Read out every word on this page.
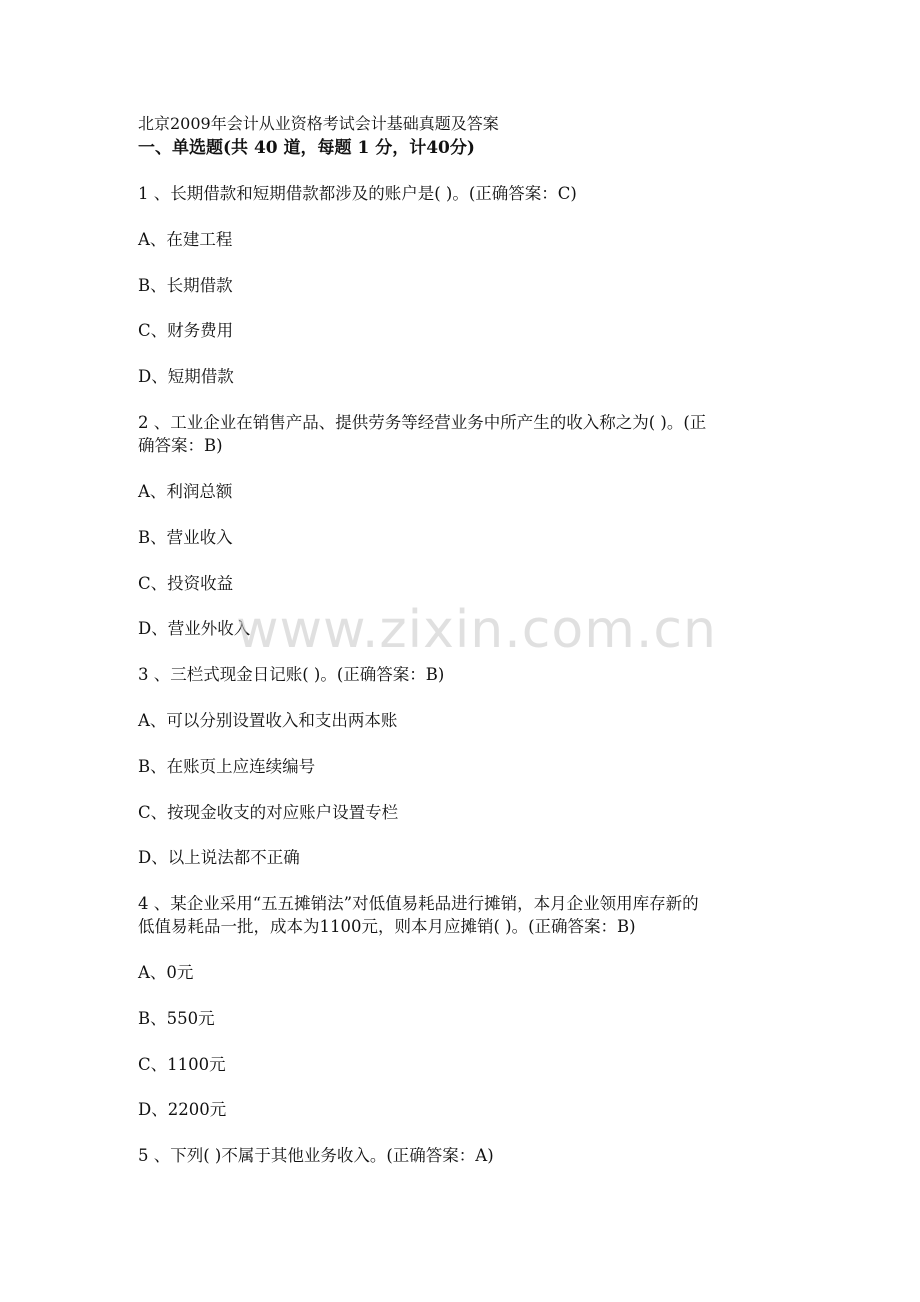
北京2009年会计从业资格考试会计基础真题及答案
一、单选题(共 40 道，每题 1 分，计40分)
1 、长期借款和短期借款都涉及的账户是( )。(正确答案：C)
A、在建工程
B、长期借款
C、财务费用
D、短期借款
2 、工业企业在销售产品、提供劳务等经营业务中所产生的收入称之为( )。(正
确答案：B)
A、利润总额
B、营业收入
C、投资收益
D、营业外收入
3 、三栏式现金日记账( )。(正确答案：B)
A、可以分别设置收入和支出两本账
B、在账页上应连续编号
C、按现金收支的对应账户设置专栏
D、以上说法都不正确
4 、某企业采用“五五摊销法”对低值易耗品进行摊销，本月企业领用库存新的
低值易耗品一批，成本为1100元，则本月应摊销( )。(正确答案：B)
A、0元
B、550元
C、1100元
D、2200元
5 、下列( )不属于其他业务收入。(正确答案：A)
www.zixin.com.cn
